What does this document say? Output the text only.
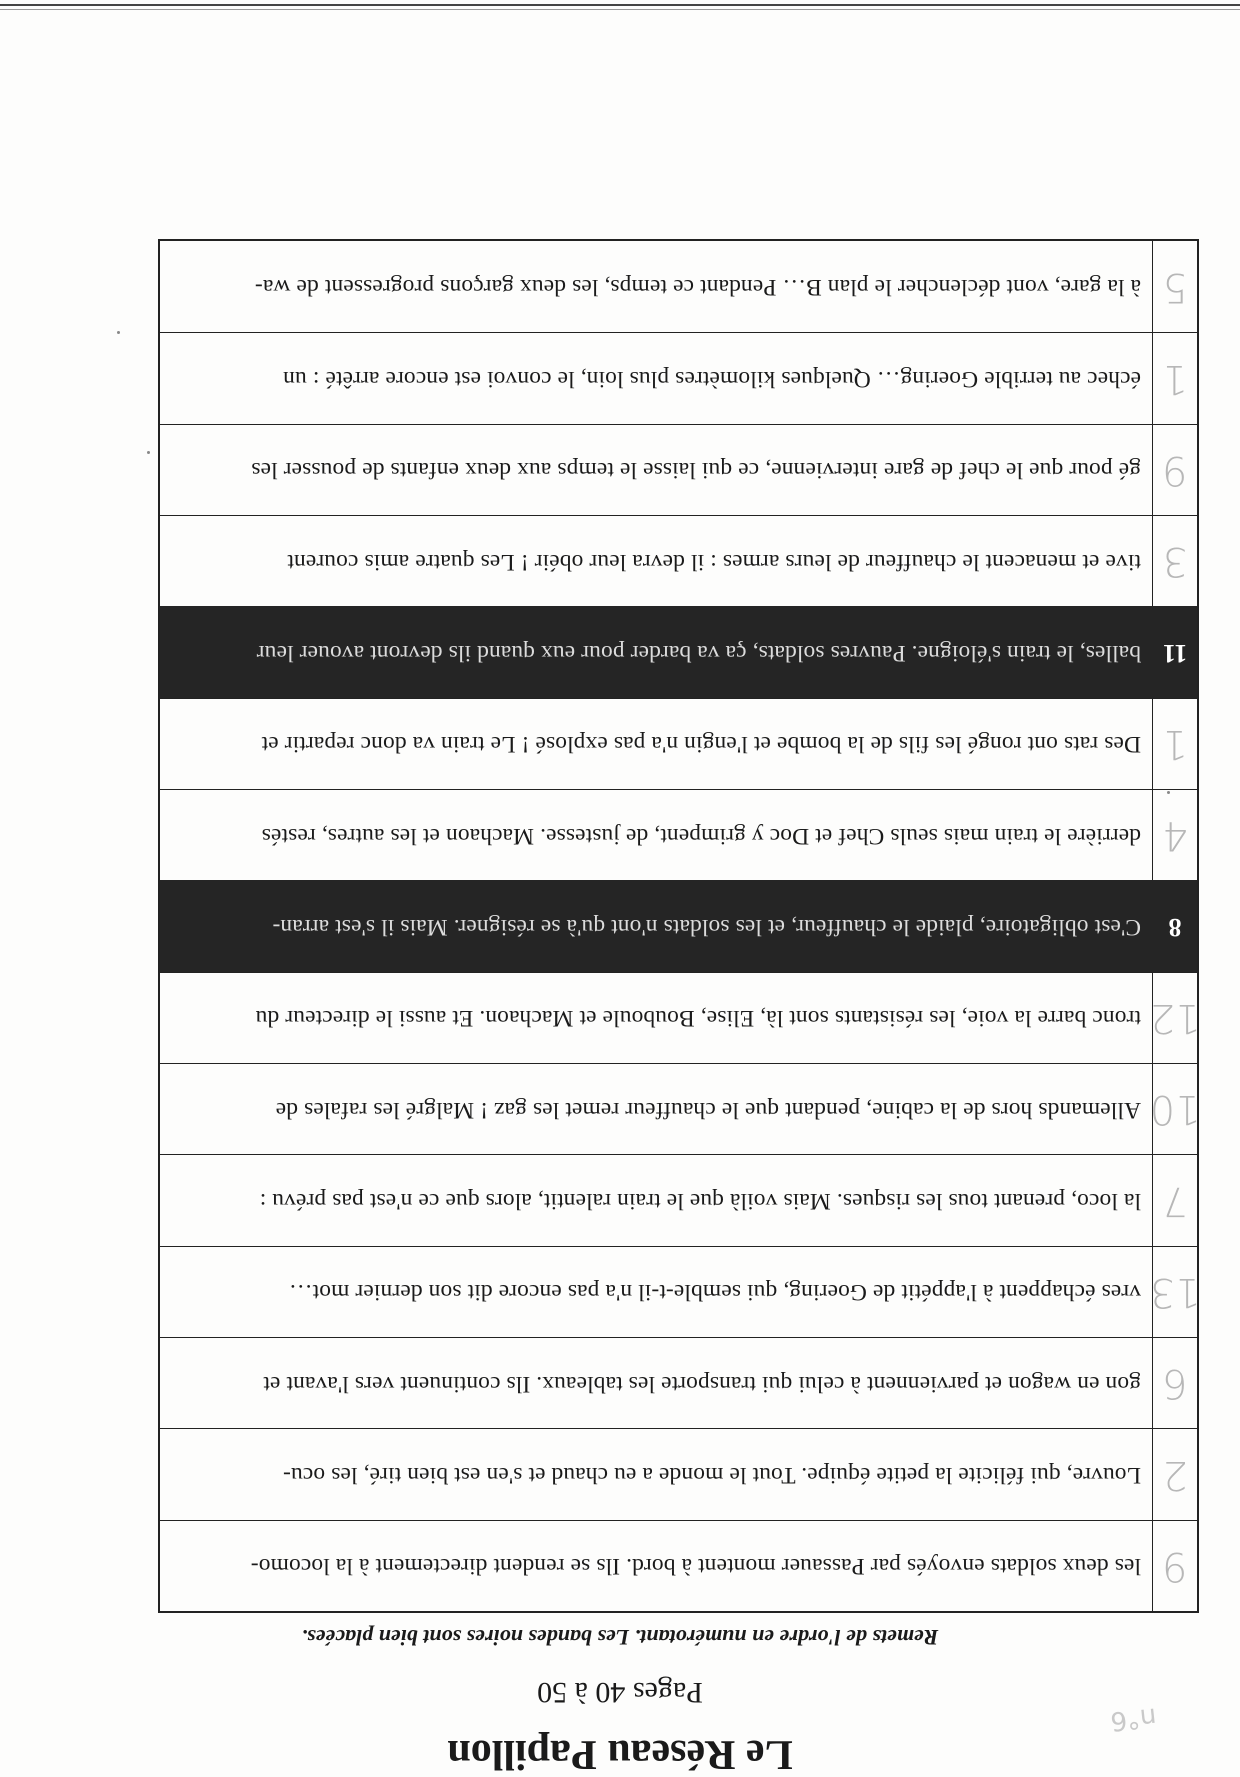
Le Réseau Papillon
Pages 40 à 50
Remets de l'ordre en numérotant. Les bandes noires sont bien placées.
n°6
9
les deux soldats envoyés par Passauer montent à bord. Ils se rendent directement à la locomo-
2
Louvre, qui félicite la petite équipe. Tout le monde a eu chaud et s'en est bien tiré, les ocu-
6
gon en wagon et parviennent à celui qui transporte les tableaux. Ils continuent vers l'avant et
13
vres échappent à l'appétit de Goering, qui semble-t-il n'a pas encore dit son dernier mot…
7
la loco, prenant tous les risques. Mais voilà que le train ralentit, alors que ce n'est pas prévu :
10
Allemands hors de la cabine, pendant que le chauffeur remet les gaz ! Malgré les rafales de
12
tronc barre la voie, les résistants sont là, Elise, Bouboule et Machaon. Et aussi le directeur du
8
C'est obligatoire, plaide le chauffeur, et les soldats n'ont qu'à se résigner. Mais il s'est arran-
4
derrière le train mais seuls Chef et Doc y grimpent, de justesse. Machaon et les autres, restés
1
Des rats ont rongé les fils de la bombe et l'engin n'a pas explosé ! Le train va donc repartir et
11
balles, le train s'éloigne. Pauvres soldats, ça va barder pour eux quand ils devront avouer leur
3
tive et menacent le chauffeur de leurs armes : il devra leur obéir ! Les quatre amis courent
9
gé pour que le chef de gare intervienne, ce qui laisse le temps aux deux enfants de pousser les
1
échec au terrible Goering… Quelques kilomètres plus loin, le convoi est encore arrêté : un
5
à la gare, vont déclencher le plan B… Pendant ce temps, les deux garçons progressent de wa-
